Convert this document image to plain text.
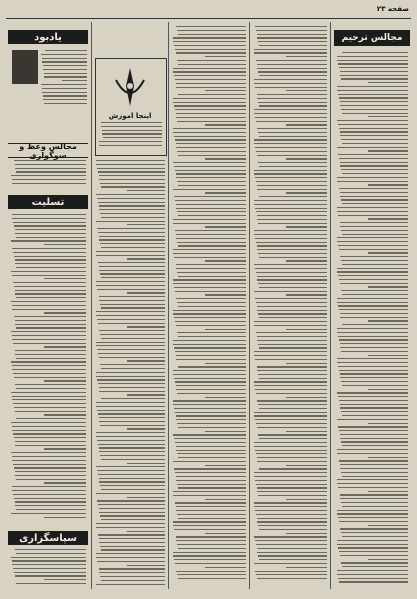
صفحه ۲۳
یادبود
مجالس وعظ و سوگواری
تسلیت
سپاسگزاری
اینجا آموزش
مجالس ترحیم
